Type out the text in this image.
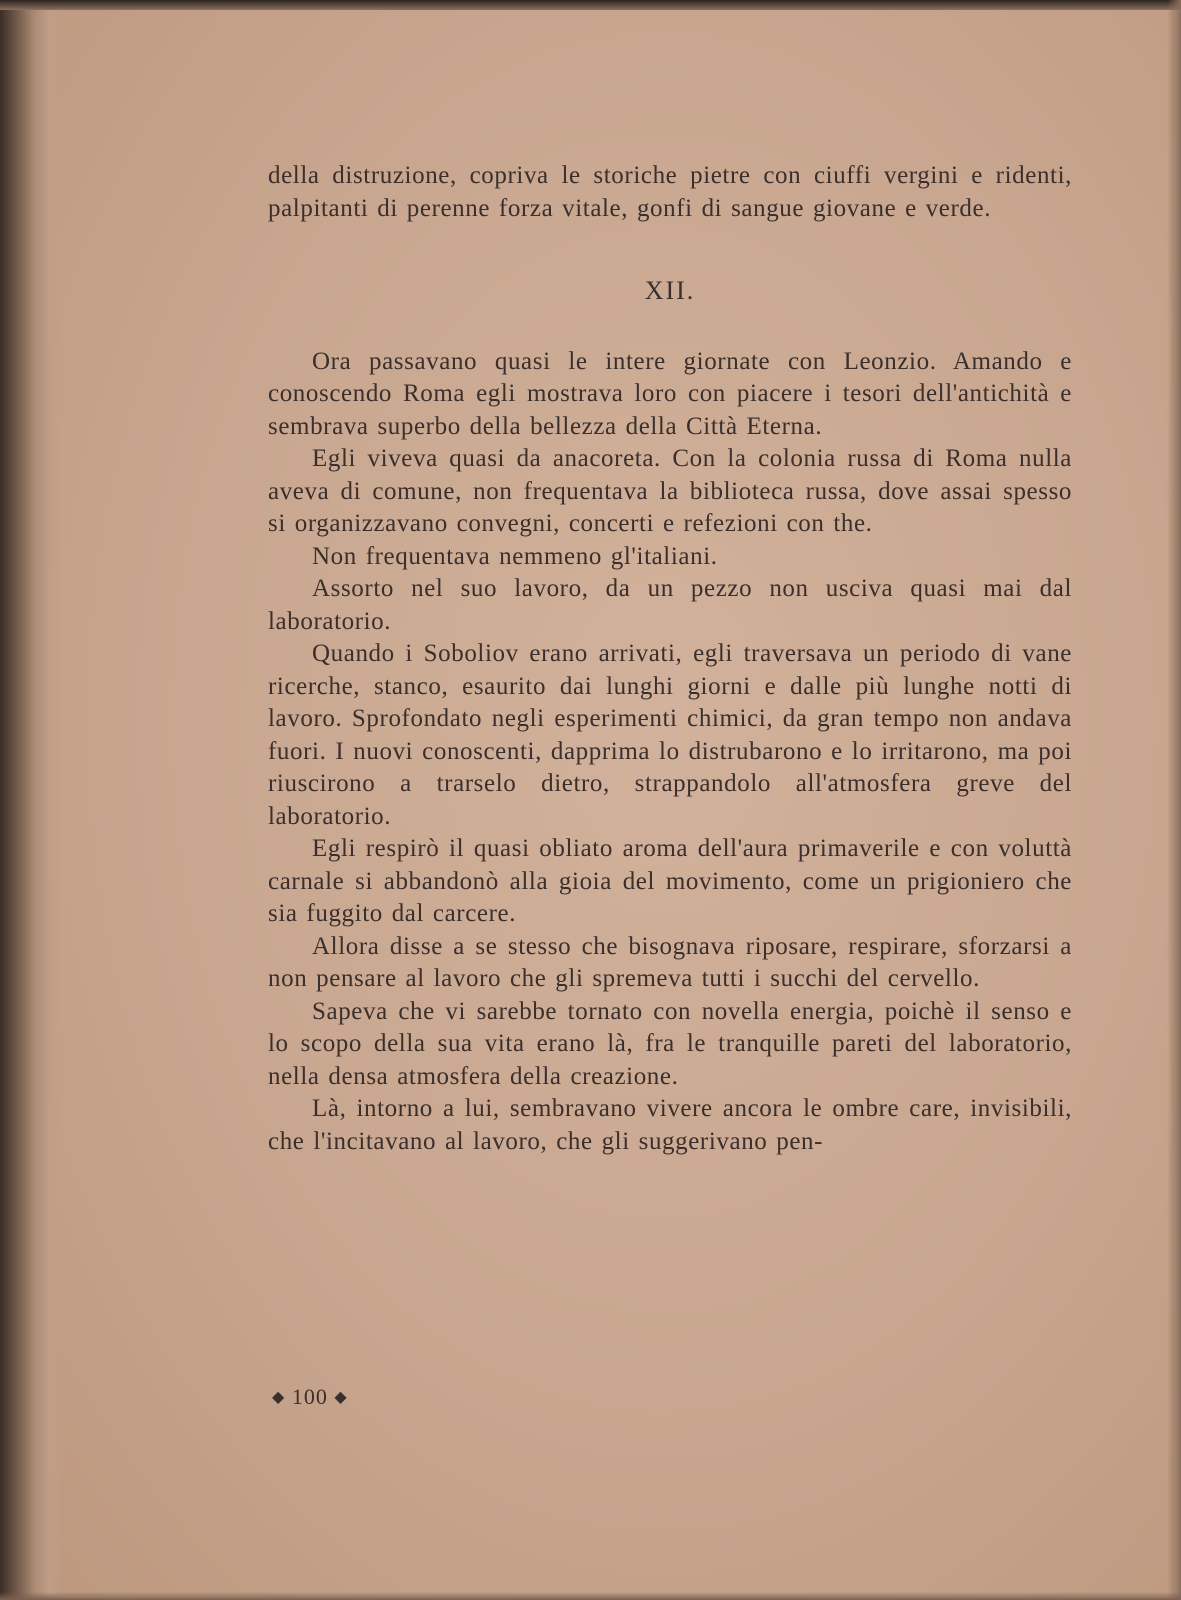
della distruzione, copriva le storiche pietre con ciuffi vergini e ridenti, palpitanti di perenne forza vitale, gonfi di sangue giovane e verde.

XII.

Ora passavano quasi le intere giornate con Leonzio. Amando e conoscendo Roma egli mostrava loro con piacere i tesori dell'antichità e sembrava superbo della bellezza della Città Eterna.

Egli viveva quasi da anacoreta. Con la colonia russa di Roma nulla aveva di comune, non frequentava la biblioteca russa, dove assai spesso si organizzavano convegni, concerti e refezioni con the.

Non frequentava nemmeno gl'italiani.

Assorto nel suo lavoro, da un pezzo non usciva quasi mai dal laboratorio.

Quando i Soboliov erano arrivati, egli traversava un periodo di vane ricerche, stanco, esaurito dai lunghi giorni e dalle più lunghe notti di lavoro. Sprofondato negli esperimenti chimici, da gran tempo non andava fuori. I nuovi conoscenti, dapprima lo distrubarono e lo irritarono, ma poi riuscirono a trarselo dietro, strappandolo all'atmosfera greve del laboratorio.

Egli respirò il quasi obliato aroma dell'aura primaverile e con voluttà carnale si abbandonò alla gioia del movimento, come un prigioniero che sia fuggito dal carcere.

Allora disse a se stesso che bisognava riposare, respirare, sforzarsi a non pensare al lavoro che gli spremeva tutti i succhi del cervello.

Sapeva che vi sarebbe tornato con novella energia, poichè il senso e lo scopo della sua vita erano là, fra le tranquille pareti del laboratorio, nella densa atmosfera della creazione.

Là, intorno a lui, sembravano vivere ancora le ombre care, invisibili, che l'incitavano al lavoro, che gli suggerivano pen-

◆ 100 ◆
